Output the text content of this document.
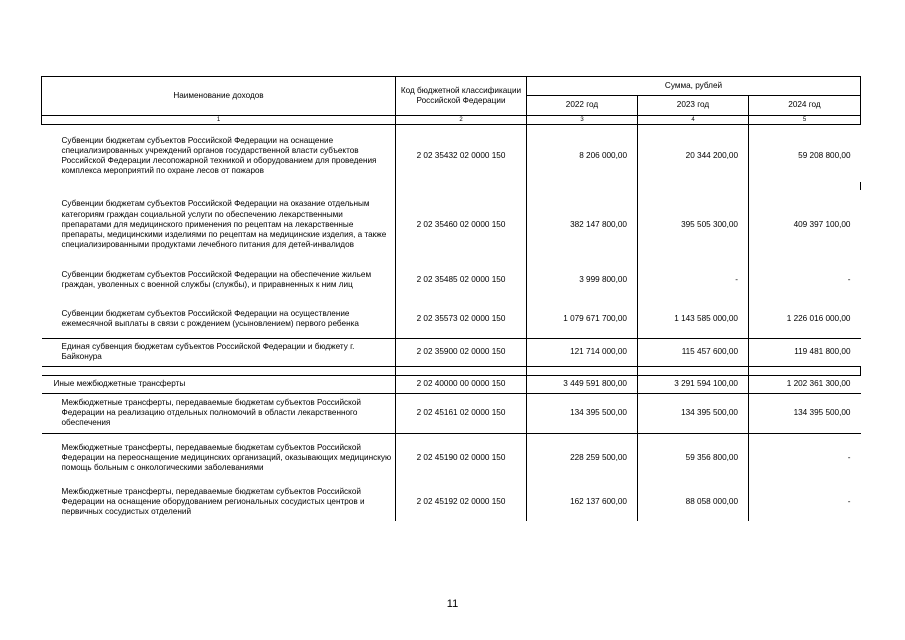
Наименование доходов	Код бюджетной классификации Российской Федерации	Сумма, рублей		
		2022 год	2023 год	2024 год
1	2	3	4	5

Субвенции бюджетам субъектов Российской Федерации на оснащение специализированных учреждений органов государственной власти субъектов Российской Федерации лесопожарной техникой и оборудованием для проведения комплекса мероприятий по охране лесов от пожаров	2 02 35432 02 0000 150	8 206 000,00	20 344 200,00	59 208 800,00

Субвенции бюджетам субъектов Российской Федерации на оказание отдельным категориям граждан социальной услуги по обеспечению лекарственными препаратами для медицинского применения по рецептам на лекарственные препараты, медицинскими изделиями по рецептам на медицинские изделия, а также специализированными продуктами лечебного питания для детей-инвалидов	2 02 35460 02 0000 150	382 147 800,00	395 505 300,00	409 397 100,00
Субвенции бюджетам субъектов Российской Федерации на обеспечение жильем граждан, уволенных с военной службы (службы), и приравненных к ним лиц	2 02 35485 02 0000 150	3 999 800,00	-	-
Субвенции бюджетам субъектов Российской Федерации на осуществление ежемесячной выплаты в связи с рождением (усыновлением) первого ребенка	2 02 35573 02 0000 150	1 079 671 700,00	1 143 585 000,00	1 226 016 000,00
Единая субвенция бюджетам субъектов Российской Федерации и бюджету г. Байконура	2 02 35900 02 0000 150	121 714 000,00	115 457 600,00	119 481 800,00

Иные межбюджетные трансферты	2 02 40000 00 0000 150	3 449 591 800,00	3 291 594 100,00	1 202 361 300,00
Межбюджетные трансферты, передаваемые бюджетам субъектов Российской Федерации на реализацию отдельных полномочий в области лекарственного обеспечения	2 02 45161 02 0000 150	134 395 500,00	134 395 500,00	134 395 500,00
Межбюджетные трансферты, передаваемые бюджетам субъектов Российской Федерации на переоснащение медицинских организаций, оказывающих медицинскую помощь больным с онкологическими заболеваниями	2 02 45190 02 0000 150	228 259 500,00	59 356 800,00	-
Межбюджетные трансферты, передаваемые бюджетам субъектов Российской Федерации на оснащение оборудованием региональных сосудистых центров и первичных сосудистых отделений	2 02 45192 02 0000 150	162 137 600,00	88 058 000,00	-
11
